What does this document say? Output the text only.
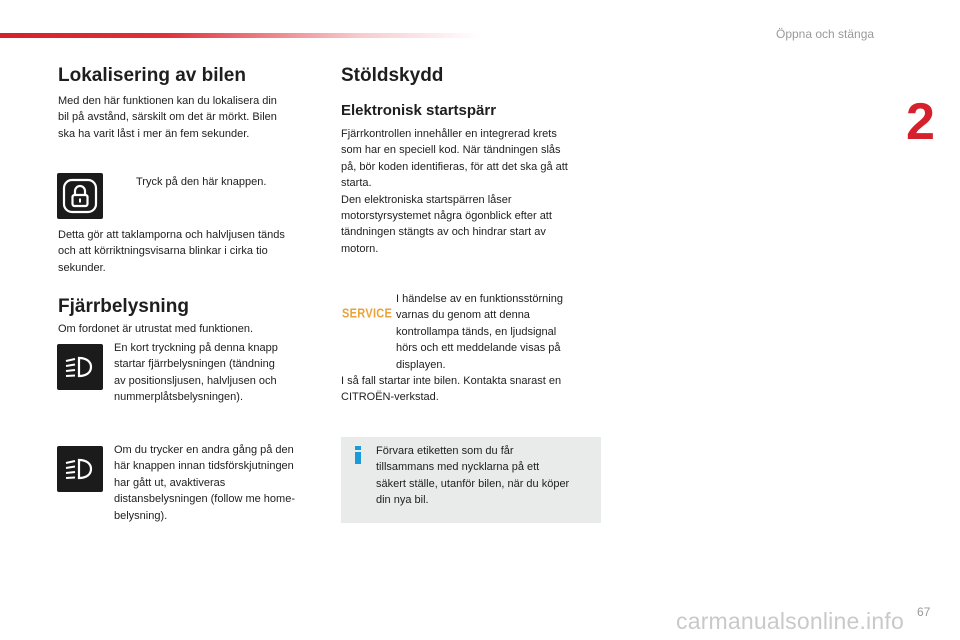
Öppna och stänga
2
Lokalisering av bilen
Med den här funktionen kan du lokalisera din
bil på avstånd, särskilt om det är mörkt. Bilen
ska ha varit låst i mer än fem sekunder.
Tryck på den här knappen.
Detta gör att taklamporna och halvljusen tänds
och att körriktningsvisarna blinkar i cirka tio
sekunder.
Fjärrbelysning
Om fordonet är utrustat med funktionen.
En kort tryckning på denna knapp
startar fjärrbelysningen (tändning
av positionsljusen, halvljusen och
nummerplåtsbelysningen).
Om du trycker en andra gång på den
här knappen innan tidsförskjutningen
har gått ut, avaktiveras
distansbelysningen (follow me home-
belysning).
Stöldskydd
Elektronisk startspärr
Fjärrkontrollen innehåller en integrerad krets
som har en speciell kod. När tändningen slås
på, bör koden identifieras, för att det ska gå att
starta.
Den elektroniska startspärren låser
motorstyrsystemet några ögonblick efter att
tändningen stängts av och hindrar start av
motorn.
SERVICE
I händelse av en funktionsstörning
varnas du genom att denna
kontrollampa tänds, en ljudsignal
hörs och ett meddelande visas på
displayen.
I så fall startar inte bilen. Kontakta snarast en
CITROËN-verkstad.
Förvara etiketten som du får
tillsammans med nycklarna på ett
säkert ställe, utanför bilen, när du köper
din nya bil.
carmanualsonline.info 67
